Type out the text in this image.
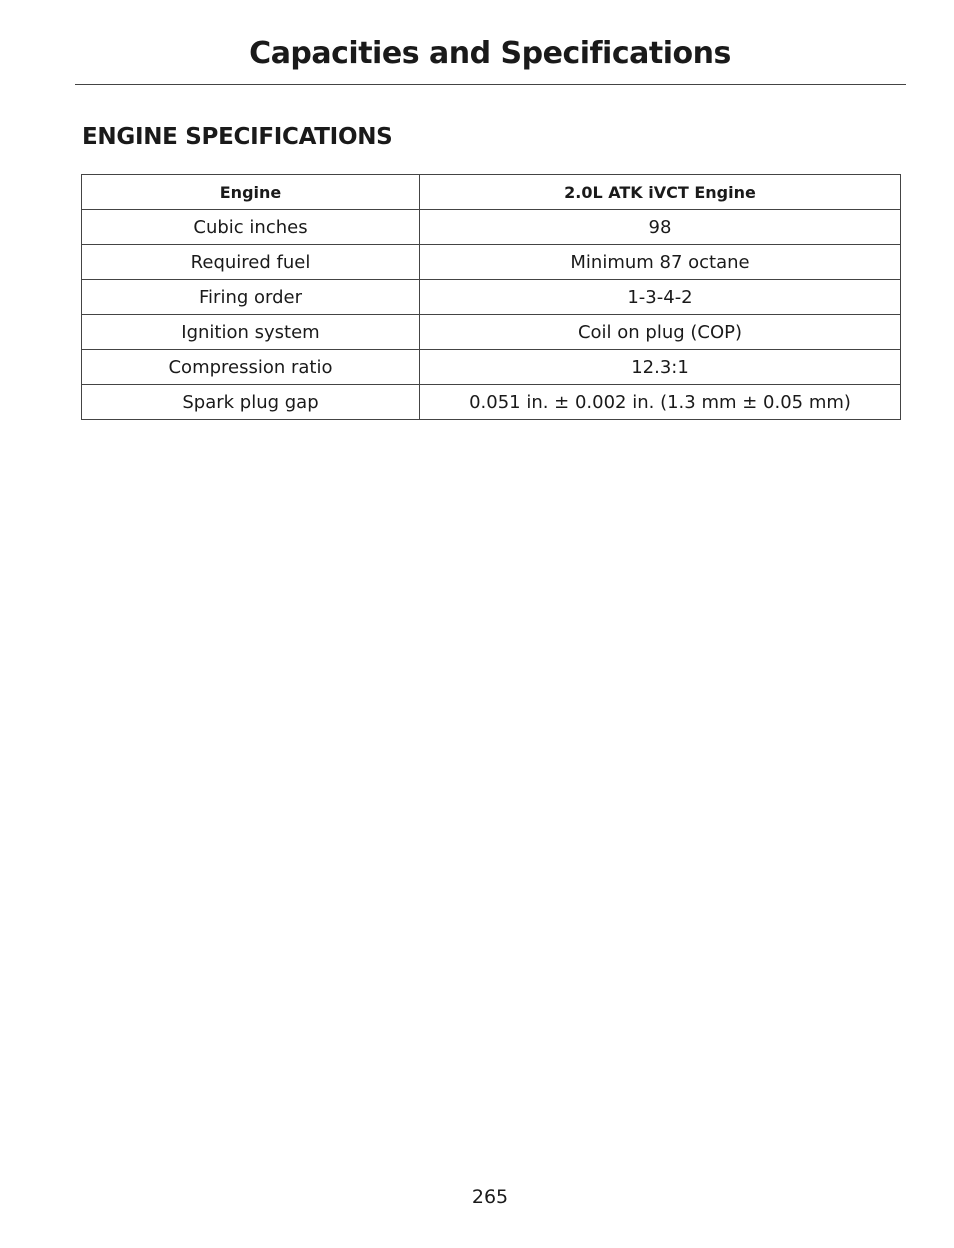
Capacities and Specifications
ENGINE SPECIFICATIONS
Engine	2.0L ATK iVCT Engine
Cubic inches	98
Required fuel	Minimum 87 octane
Firing order	1-3-4-2
Ignition system	Coil on plug (COP)
Compression ratio	12.3:1
Spark plug gap	0.051 in. ± 0.002 in. (1.3 mm ± 0.05 mm)
265
